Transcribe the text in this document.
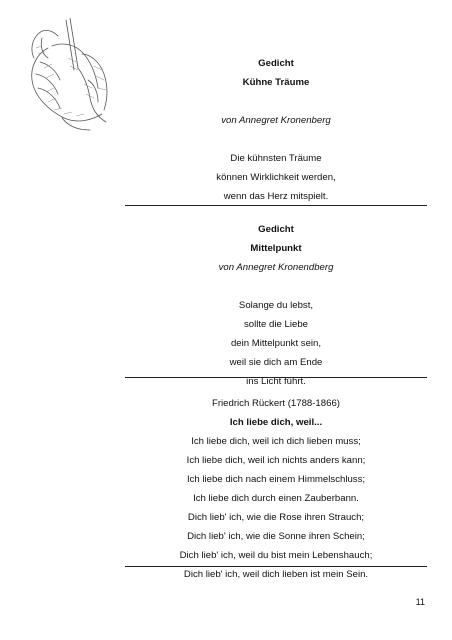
Gedicht
Kühne Träume
von Annegret Kronenberg
Die kühnsten Träume
können Wirklichkeit werden,
wenn das Herz mitspielt.
Gedicht
Mittelpunkt
von Annegret Kronendberg
Solange du lebst,
sollte die Liebe
dein Mittelpunkt sein,
weil sie dich am Ende
ins Licht führt.
Friedrich Rückert (1788-1866)
Ich liebe dich, weil...
Ich liebe dich, weil ich dich lieben muss;
Ich liebe dich, weil ich nichts anders kann;
Ich liebe dich nach einem Himmelschluss;
Ich liebe dich durch einen Zauberbann.
Dich lieb' ich, wie die Rose ihren Strauch;
Dich lieb' ich, wie die Sonne ihren Schein;
Dich lieb' ich, weil du bist mein Lebenshauch;
Dich lieb' ich, weil dich lieben ist mein Sein.
11
